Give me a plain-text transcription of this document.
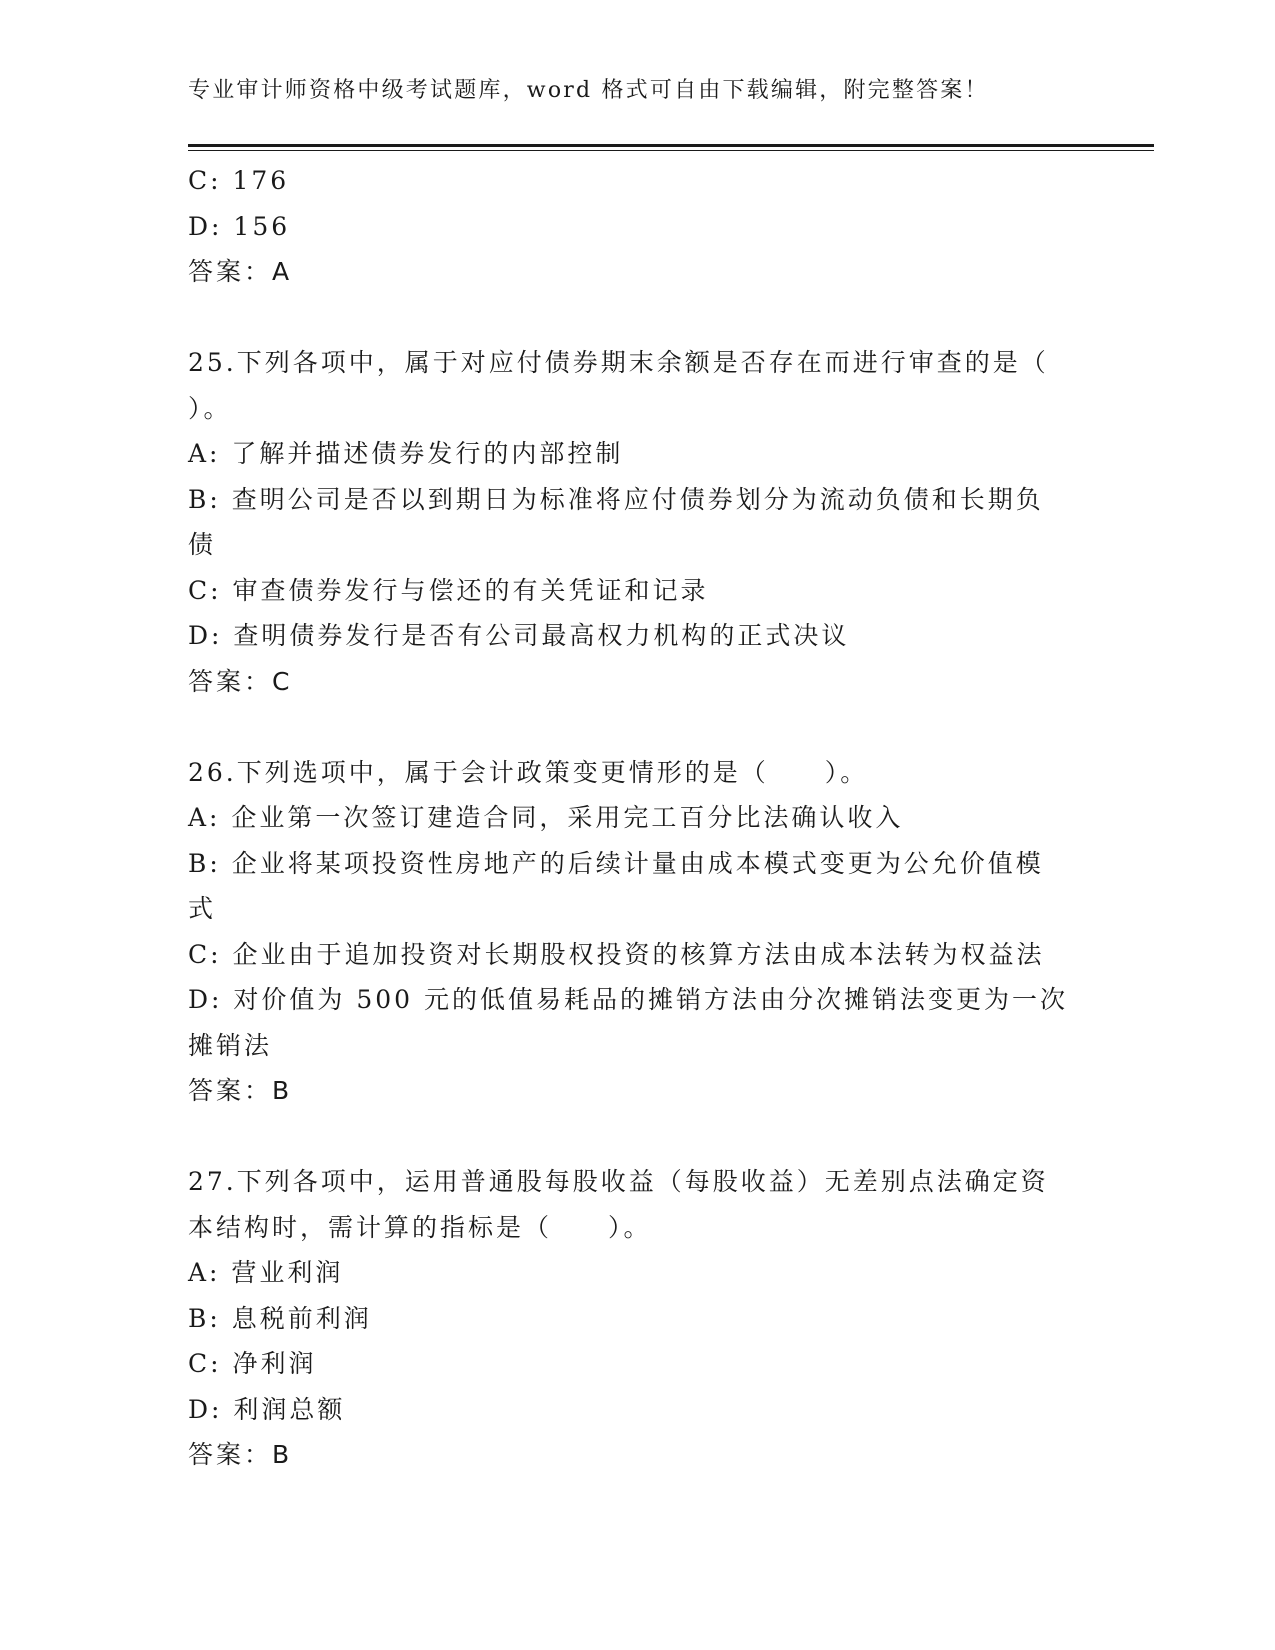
专业审计师资格中级考试题库，word 格式可自由下载编辑，附完整答案！
C: 176
D: 156
答案：A
25.下列各项中，属于对应付债券期末余额是否存在而进行审查的是（
）。
A: 了解并描述债券发行的内部控制
B: 查明公司是否以到期日为标准将应付债券划分为流动负债和长期负
债
C: 审查债券发行与偿还的有关凭证和记录
D: 查明债券发行是否有公司最高权力机构的正式决议
答案：C
26.下列选项中，属于会计政策变更情形的是（　　）。
A: 企业第一次签订建造合同，采用完工百分比法确认收入
B: 企业将某项投资性房地产的后续计量由成本模式变更为公允价值模
式
C: 企业由于追加投资对长期股权投资的核算方法由成本法转为权益法
D: 对价值为 500 元的低值易耗品的摊销方法由分次摊销法变更为一次
摊销法
答案：B
27.下列各项中，运用普通股每股收益（每股收益）无差别点法确定资
本结构时，需计算的指标是（　　）。
A: 营业利润
B: 息税前利润
C: 净利润
D: 利润总额
答案：B
